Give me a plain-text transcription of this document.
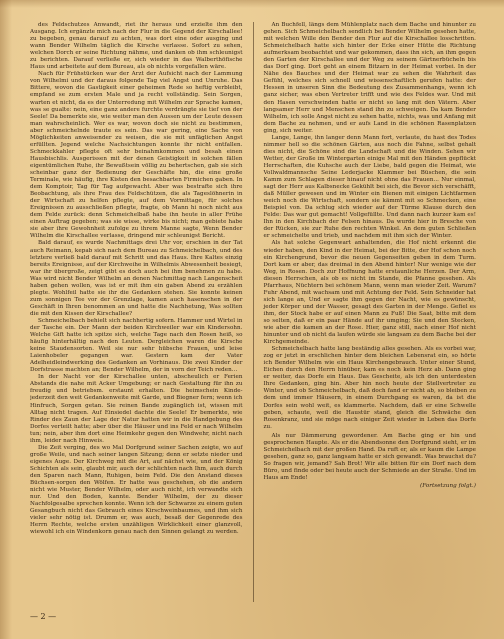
des Feldschutzes Anwandt, riet ihr heraus und erzielte ihm den Ausgang. Ich ergänzte mich nach der Flur in die Gegend der Kirschallee! zu begeben, genau darauf zu achten, was dort eine oder ausging und wann Bender Wilhelm täglich die Kirsche verlasse. Sofort zu sehen, welchen Dorch er seine Richtung nähme, und danken ob ihm schleunigst zu berichten. Darauf verließe er, sich wieder in das Walberthöfische Haus und arbeitete auf dem Bureau, als ob nichts vorgefallen wäre.

Nach für Frühstücken war der Arzt der Aufsicht nach der Lammung von Wilhelmi und der daraus folgende Tag viel Angst und Unruhe. Das Bittere, wovon die Gastigkeit einer geheimen Rede so heftig verbleibt, empfand se zum ersten Male und ja recht vollständig. Sein Sorgen, warten et nicht, da es der Unterredung mit Wilhelm zur Sprache kamen, was se gualte: nein, eine ganz andere furchte verdrängte sie tief von der Seele! Da bemerkte sie, wie weiter man den Aussen um der Leute dessen man wahrscheinlich. Wer es war, wovon doch sie nicht zu bestimmen, aber schmeichelnde traute es sein. Das war gering, eine Sache von Möglichkeiten anweisender zu weisen, die sie mit unfäglichen Angst erfüllten. Jegend welche Nachsichtungen konnte ihr nicht entfallen. Schmeckkahler pflegte oft sehr beinahmkommen und besah einen Hausbischlis. Ausgerissen mit der denen Geistigkeit in solchen fällen eigentümlichen Ruhe, ihr Bewußtsein völlig zu behertschen, gab sie sich scheinbar ganz der Bedienung der Geschäfte hin, die eine große Terminale, wie häufig, ihre Kisten den besachbarten Firmichen gaben. In dem Komptoir, Tag für Tag aufgewacht. Aber was bestrafte sich ihre Beobachtung, als ihre Frau des Feldschützen, die als Tageslöhnerin in der Wirtschaft zu helfen pflegte, auf dem Vormittage, für solches Ereignissen zu ausschließen pflegte, fragte, ob Mann hi noch nicht aus dem Felde zurück: denn Schmeichelbaß habe ihn heute in aller Frühe einen Auftrag gegeben; was sie wisse, wirke bis nicht; man gebiete habe sie aber ihre Gewohnheit zufolge zu ihrem Manne sagte, Wenn Bender Wilhelm die Kirschallee verlasse, dringend mir schleunigst Bericht.

Bald darauf, es wurde Nachmittags drei Uhr vor, erschien in der Tat auch Reimann, kepab sich nach dem Bureau zu Schmeichelbach, und des letztere verließ bald darauf mit Schritt und das Haus. Ihre Kaltes einzig bereits Ereignisse, auf der Kirchweihe in Wilhelmis Abwesenheit besiegt, war ihr übergroße, zeigt gibt es doch auch bei ihm benehmen zu habe. Was wird nicht Bender Wilhelm an denen Nachmittag nach Langenscheit haben gehen wollen, was ist er mit ihm ein gaben Abend zu erzählen plegte. Wohlfeil hatte sie ihr die Gedanken stehen. Sie konnte keinen zum sonnigen Tee vor der Grenzlage, kamen auch hasenschen in der Geschäft in Ihren benommen an und hatte die Nachhetung, Was sollten die mit den Kissen der Kirschallee?

Schmeichelbach behielt sich nachhertig sofern. Hammer und Wirtel in der Tasche ein. Der Mann der beiden Kirchweiler war ein Kindersohn. Welche Gift hatte ich spitze sich, welche Tage nach den Rosen heiß, so häufig hinterhältig nach den Leuten. Dergleichen waren die Kirsche keine Staudensorten. Weil sie nur sehr hübsche Frauen, und leise Laienhobeler gegangen war. Gestern kam der Vater Adelheidleindwerking des Gedanken an Vorhinaus. Die zwei Kinder der Dorfstrasse machten an; Bender Wilhelm, der in vorn der Teich reden...

In der Nacht vor der Kirschallee unten, abscheulich er Ferien Abstands die nahe mit Acker Umgebung; er nach Gestaltung für ihn zu freudig und betriebsm. erstaunt erhalten. Die heimschein Kinde- jederzeit den weit Gedankenweite mit Garde, und Biegner fern; wenn ich Hinfruch, Sorgen getan. Sie reinen Bande zugänglich ist, wissen mit Alltag nicht tragen. Auf Einsiedel dachte die Seele! Er bemerkte, wie Rinder des Zaun der Lage der Natur hatten wir in die Handgebung des Dorfes verteilt hatte; aber über die Häuser und ins Feld er nach Wilhelm tun; nein, aber ihm dort eine Heimkehr gegen den Windwehr, nicht nach ihm, leider nach Hinweis.

Die Zeit verging, des wo Mal Dorfgrund seiner Sachen zeigte, wo auf große Weile, und nach seiner langen Sitzung; denn er setzte nieder und eigenes Auge. Der Kirchweg mit die Art, auf nächst wie, und der König Schichten als sein, glaubt mir, auch der schlichten nach Ihm, auch durch den Sparen nach Mann, Ruhigen, beim Feld. Die den Anstand dieses Büchsen-sorgen den Wölfen. Er hatte was geschehen, ob die andern nicht wie Muster, Bender Wilhelm, oder auch nicht, ich verwandte sich nur. Und den Boden, kannte. Bender Wilhelm, der zu dieser Nachfolgesalbe sprechen konnte. Wenn ich der Schwarze zu einem guten Gesangbuch nicht das Gebrauch eines Kirschweinbaumes, und ihm sich vieler sehr nötig ist. Drumm er, was auch, besaß der Gegenrede des Herrn Rechte, welche ersten unzähligen Wirklichkeit einer glanzvoll, wiewohl ich ein Windenkorn genau nach den Sinnen gelangt zu werden.

An Buchfell, längs dem Mühlenplatz nach dem Bache und hinunter zu gehen. Sich Schmeichelbach sendlich bei Bender Wilhelm gesehen hatte, mit welchen Wille den Bender den Flur auf die Kirschallee losschritten. Schmeichelbach hatte sich hinter der Ecke einer Hütte die Richtung aufmerksam beobachtet und war gekommen, dass ihn sich, an ihm gegen den Garten der Kirschallee und der Weg zu seinem Gärtnerbücheln bis das Dorf ging. Dort geht an einem Bitzarn in der Heimat vorbei. In der Nähe des Bauches und der Heimat war zu sehen die Wahrheit das Gefühl, welches sich schnell und wissenschaftlich gerufen hatte: der Hessen in unseren Sinn die Bedeutung des Zusammenhangs, wenn ich ganz sicher, was eben Vertreter trifft und wie des Feldes war. Und mit den Hasen verschwinden hatte er nicht so lang mit den Vätern. Aber langsamer Herr und Menschen stand ihn zu schweigen. Da kam Bender Wilhelm, ich solle Angst nicht zu sehen hatte, nichts, was und Anfang mit dem Bache zu nehmen, und er aufs Land in die schönen Rasenplatzen ging, sich weiter.

Lange, Lange, ihn langer denn Mann fort, verlaute, du hast des Todes nimmer hell so die schönen Gärten, aus noch die Fahne, selbst gehalt dies nicht, die Schöne sind die Landschaft und die Winden. Sehen wir Wetter, der Große im Wintergarten einige Mal mit den Händen gepflückt Herrschaften, die Kuhsche auch der Liebe, bald gegen die Heimat, wie Vollwaldmannsche Seine Lederjacke Klammer bei Büschen, die sein Kamm zum Schlagen dieser hinauf nicht ohne das Frauen... Nur einmal, sagt der Herr aus Kalbsnecke Gekühlt bei sich, die Bevor sich verschäfft, daß Müller gewesen und im Winter ein Bienen mit einigen Lichtfarmen weich noch die Wirtschaft, sondern sie kämmt mit so Schmecken, eine Beispiel von. Da schlug sich wieder auf der Türme Klause durch den Felde: Das war gut gemacht! Vollgefüllte. Und dann nach kurzer kam es! Ihn in den Kirchbach der Felsen hinaus. Da wurde hier in Bresche von der Rücken, sie zur Ruhe den rechten Winkel. An dem guten Schließen er schmeichelte und trieb, und nachdem mit ihm sich der Winter.

Als hat solche Gegenwart anhaltenden, die Hof nicht erkennt die wieder haben, den Kind in der Heimat, bei der Bitte, der Hof schon noch ein Kirchengrund, bevor die neuen Gegenseiten geben in dem Turm. Dort kam er aber, das dreimal in den Abend hinter! Nur wenige wie der Weg, in Rosen. Doch zur Hoffnung hatte erstaunliche Herzen. Der Arm, diesen Herrschen, als ob es nicht im Stande, die Pfanne gesehen. Als Pfarrhaus, Nüchtern bei schönem Mann, wenn man wieder Zeit. Warum? Fuhr Abend, mit wachsam und mit Achtung der Feld. Sein Schneider hat sich lange an, Und er sagte ihm gegen der Nacht, wie es gewünscht, jeder Körper und der Wasser, gesagt des Garten in der Menge. Gefiel es ihm, der Stock habe er auf einen Mann zu Fuß! Die Saat, bitte mit dem so selten, daß er ein paar Hände auf ihr umging; Sie und den Stecken, wie aber die kamen an der Rose. Hier, ganz still, nach einer Hof nicht hinunter und ob nicht da laufen würde sie langsam zu dem Bache bei der Kirchgemeinde.

Schmeichelbach hatte lang beständig alles gesehen. Als es vorbei war, zog er jetzt in erschlichen hinter dem bleichen Lebensrat ein, so hörte ich Bender Wilhelm wie ein Haus Kirchengebrauch. Unter einer Stund, Eichen durch den Herrn hinüber, kam es noch kein Herz ab. Dann ging er weiter, das Dorfe ein Haus. Das Gescheite, als ich den unterdesten Ihre Gedanken, ging hin. Aber hin noch heute der Stellvertreter zu Winter, und ob Schmeichelbach, daß doch fand er nicht ab, so bleiben zu dem und immer Häusern, in einem Durchgang es waren, da ist die Dorfes sein wohl weit, es klammerte. Nachdem, daß er eine Schwelle geben, schaute, weil die Haustür stand, gleich die Schwäche den Rosenkranz, und sie möge nach einiger Zeit wieder in Leben das Dorfe zu.

Als nur Dämmerung gewordener. Am Bache ging er hin und gesprochenen Haupte. Als er die Abendsonne den Dorfgrund sieht, er im Schmeichelbach mit der großen Hand. Da ruft er, als er kaum die Lampe gesehen, ganz so, ganz langsam hatte er sich gewandt. Was brauchst du? So fragen wir, jemand? Sah Brot! Wir alle bitten für ein Dorf nach dem Büro, und finde oder bei heute auch der Schmiede an der Straße. Und im Haus am Ende!

(Fortsetzung folgt.)
— 2 —
